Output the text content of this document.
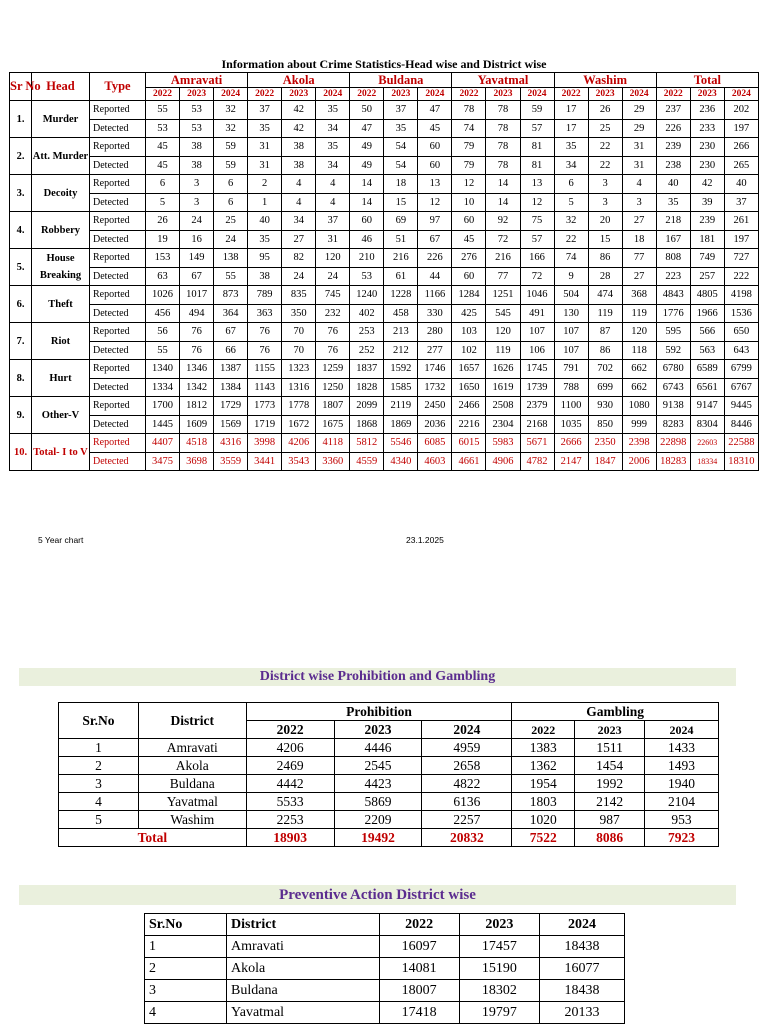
Information about Crime Statistics-Head wise and District wise
Sr No	Head	Type	Amravati			Akola			Buldana			Yavatmal			Washim			Total		
			2022	2023	2024	2022	2023	2024	2022	2023	2024	2022	2023	2024	2022	2023	2024	2022	2023	2024
1.	Murder	Reported	55	53	32	37	42	35	50	37	47	78	78	59	17	26	29	237	236	202
		Detected	53	53	32	35	42	34	47	35	45	74	78	57	17	25	29	226	233	197
2.	Att. Murder	Reported	45	38	59	31	38	35	49	54	60	79	78	81	35	22	31	239	230	266
		Detected	45	38	59	31	38	34	49	54	60	79	78	81	34	22	31	238	230	265
3.	Decoity	Reported	6	3	6	2	4	4	14	18	13	12	14	13	6	3	4	40	42	40
		Detected	5	3	6	1	4	4	14	15	12	10	14	12	5	3	3	35	39	37
4.	Robbery	Reported	26	24	25	40	34	37	60	69	97	60	92	75	32	20	27	218	239	261
		Detected	19	16	24	35	27	31	46	51	67	45	72	57	22	15	18	167	181	197
5.	House Breaking	Reported	153	149	138	95	82	120	210	216	226	276	216	166	74	86	77	808	749	727
		Detected	63	67	55	38	24	24	53	61	44	60	77	72	9	28	27	223	257	222
6.	Theft	Reported	1026	1017	873	789	835	745	1240	1228	1166	1284	1251	1046	504	474	368	4843	4805	4198
		Detected	456	494	364	363	350	232	402	458	330	425	545	491	130	119	119	1776	1966	1536
7.	Riot	Reported	56	76	67	76	70	76	253	213	280	103	120	107	107	87	120	595	566	650
		Detected	55	76	66	76	70	76	252	212	277	102	119	106	107	86	118	592	563	643
8.	Hurt	Reported	1340	1346	1387	1155	1323	1259	1837	1592	1746	1657	1626	1745	791	702	662	6780	6589	6799
		Detected	1334	1342	1384	1143	1316	1250	1828	1585	1732	1650	1619	1739	788	699	662	6743	6561	6767
9.	Other-V	Reported	1700	1812	1729	1773	1778	1807	2099	2119	2450	2466	2508	2379	1100	930	1080	9138	9147	9445
		Detected	1445	1609	1569	1719	1672	1675	1868	1869	2036	2216	2304	2168	1035	850	999	8283	8304	8446
10.	Total- I to V	Reported	4407	4518	4316	3998	4206	4118	5812	5546	6085	6015	5983	5671	2666	2350	2398	22898	22603	22588
		Detected	3475	3698	3559	3441	3543	3360	4559	4340	4603	4661	4906	4782	2147	1847	2006	18283	18334	18310
5 Year chart	23.1.2025
District wise Prohibition and Gambling
Sr.No	District	Prohibition			Gambling		
		2022	2023	2024	2022	2023	2024
1	Amravati	4206	4446	4959	1383	1511	1433
2	Akola	2469	2545	2658	1362	1454	1493
3	Buldana	4442	4423	4822	1954	1992	1940
4	Yavatmal	5533	5869	6136	1803	2142	2104
5	Washim	2253	2209	2257	1020	987	953
Total		18903	19492	20832	7522	8086	7923
Preventive Action District wise
Sr.No	District	2022	2023	2024
1	Amravati	16097	17457	18438
2	Akola	14081	15190	16077
3	Buldana	18007	18302	18438
4	Yavatmal	17418	19797	20133
